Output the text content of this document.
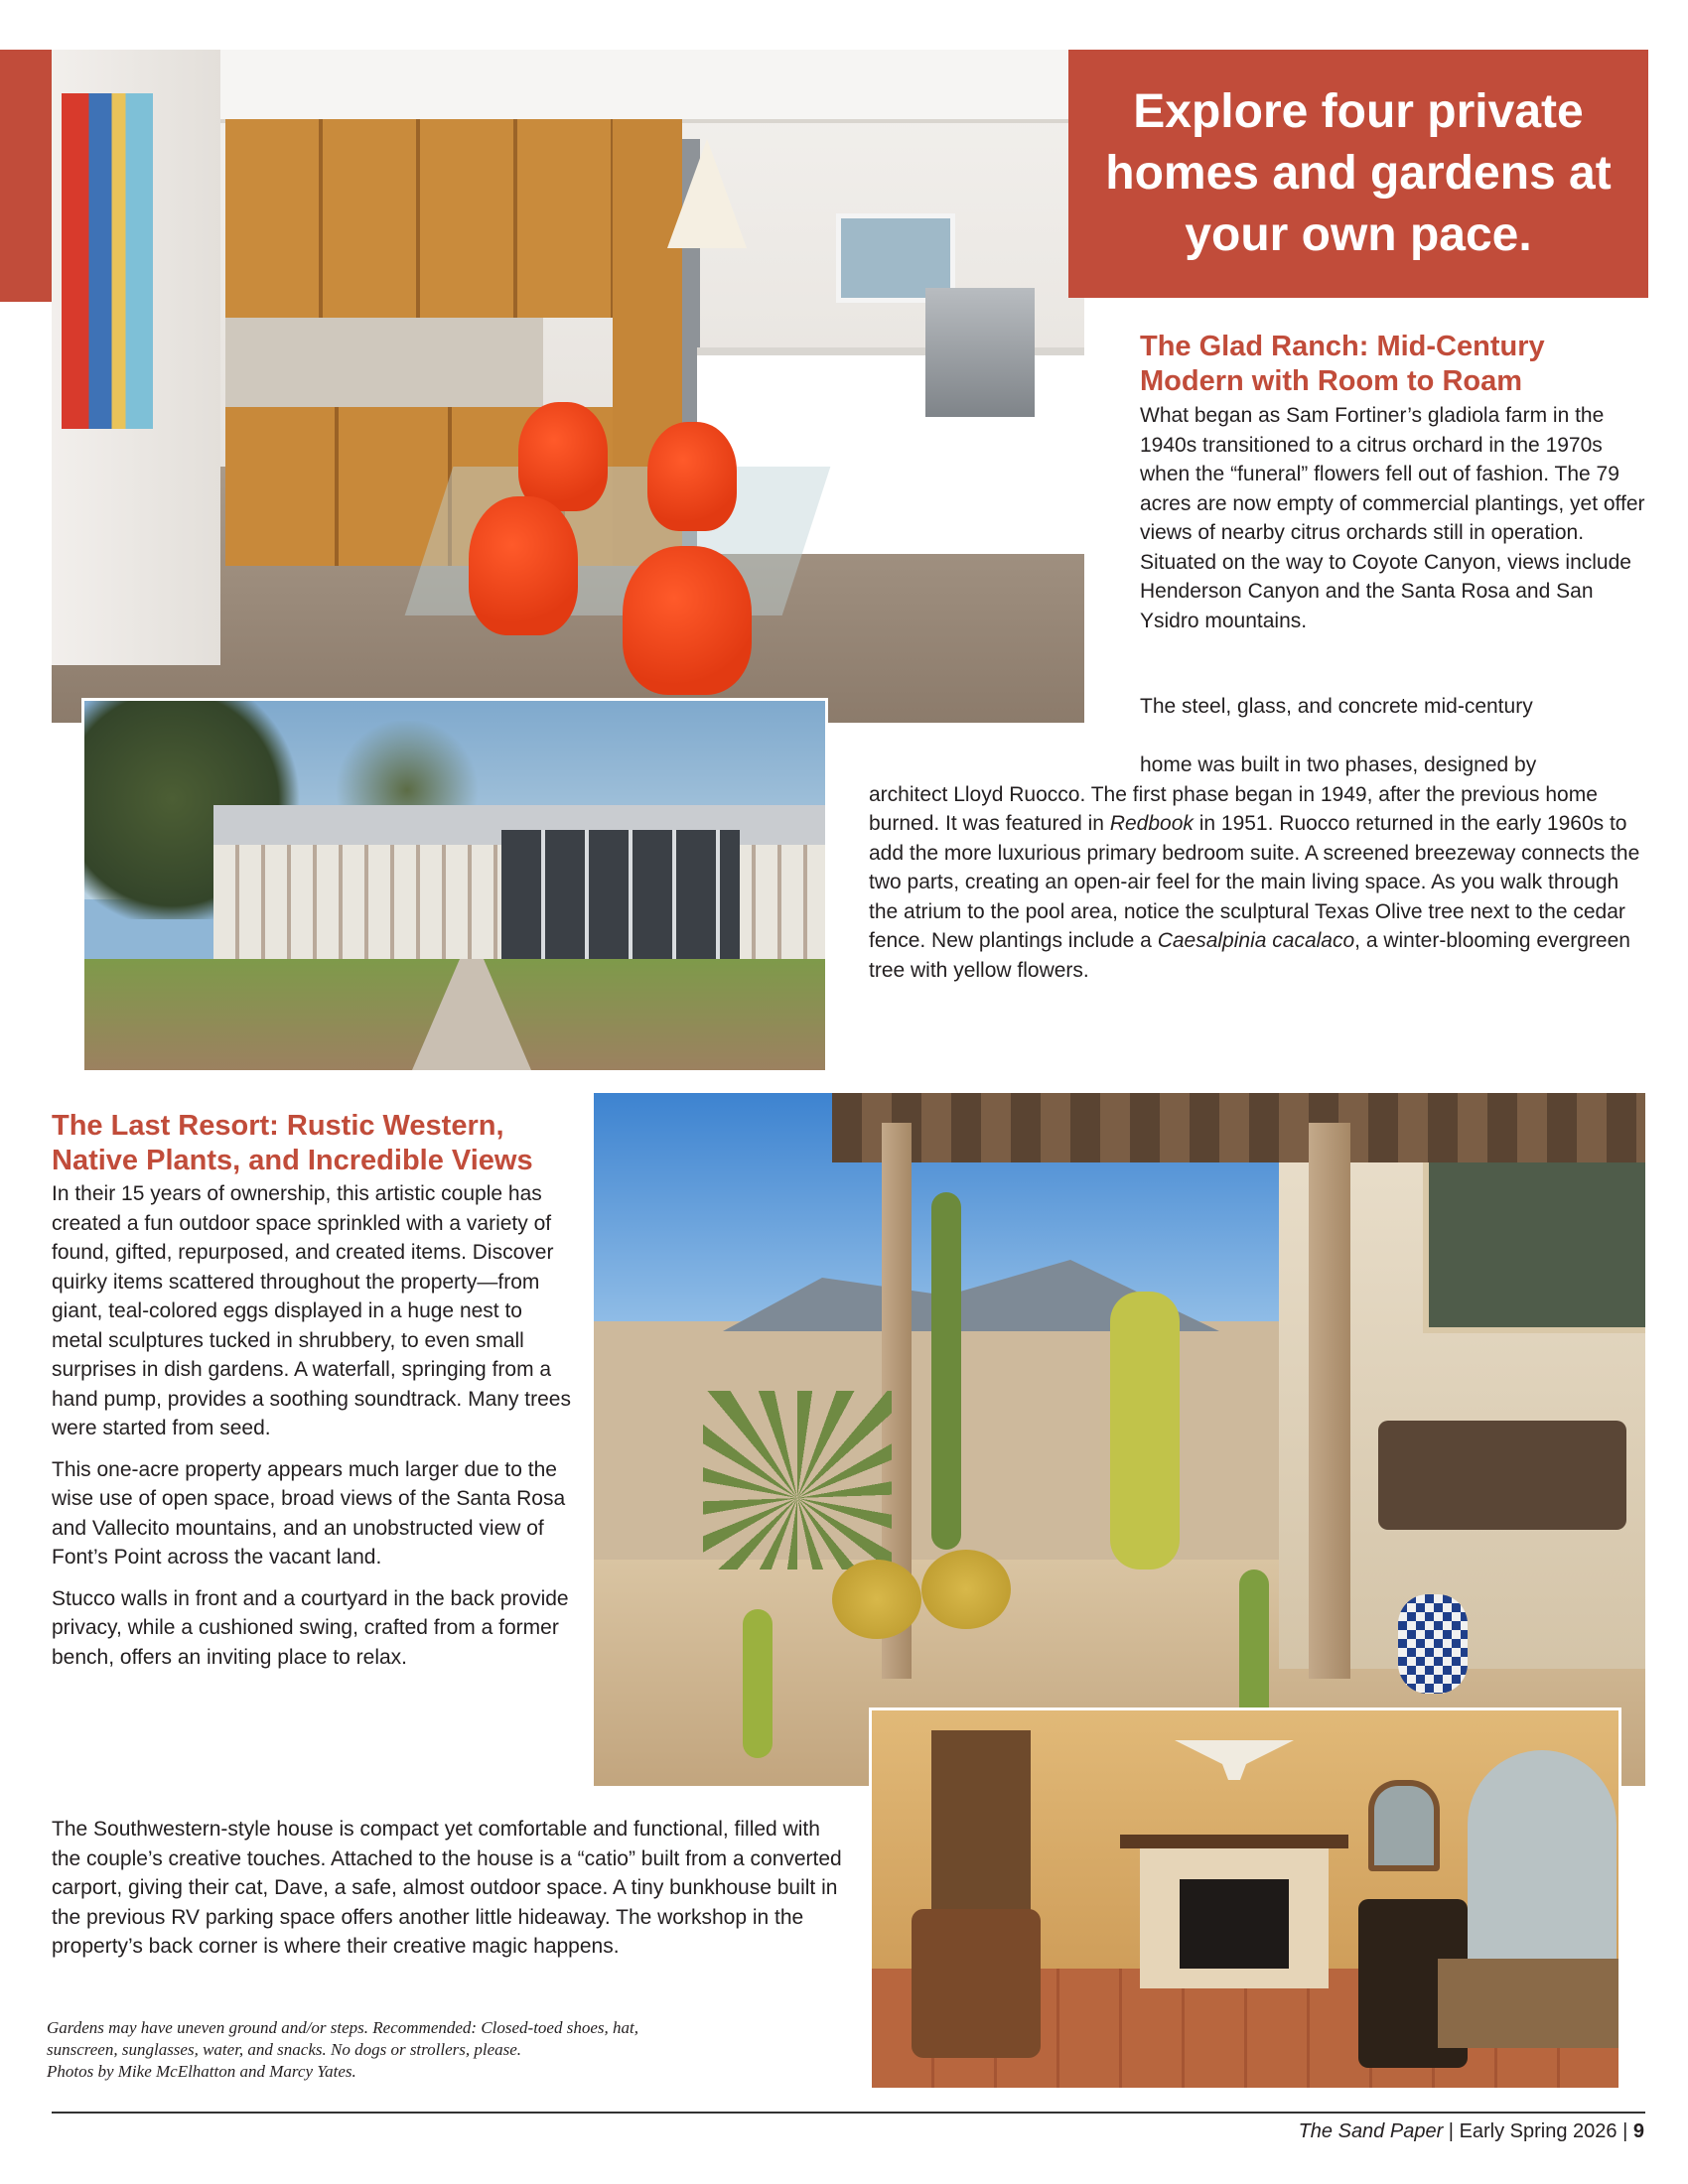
Explore four private homes and gardens at your own pace.
The Glad Ranch: Mid-Century
Modern with Room to Roam

What began as Sam Fortiner’s gladiola farm in the 1940s transitioned to a citrus orchard in the 1970s when the “funeral” flowers fell out of fashion. The 79 acres are now empty of commercial plantings, yet offer views of nearby citrus orchards still in operation. Situated on the way to Coyote Canyon, views include Henderson Canyon and the Santa Rosa and San Ysidro mountains.

The steel, glass, and concrete mid-century
home was built in two phases, designed by
architect Lloyd Ruocco. The first phase began in 1949, after the previous home burned. It was featured in Redbook in 1951. Ruocco returned in the early 1960s to add the more luxurious primary bedroom suite. A screened breezeway connects the two parts, creating an open-air feel for the main living space. As you walk through the atrium to the pool area, notice the sculptural Texas Olive tree next to the cedar fence. New plantings include a Caesalpinia cacalaco, a winter-blooming evergreen tree with yellow flowers.
The Last Resort: Rustic Western,
Native Plants, and Incredible Views

In their 15 years of ownership, this artistic couple has created a fun outdoor space sprinkled with a variety of found, gifted, repurposed, and created items. Discover quirky items scattered throughout the property—from giant, teal-colored eggs displayed in a huge nest to metal sculptures tucked in shrubbery, to even small surprises in dish gardens. A waterfall, springing from a hand pump, provides a soothing soundtrack. Many trees were started from seed.

This one-acre property appears much larger due to the wise use of open space, broad views of the Santa Rosa and Vallecito mountains, and an unobstructed view of Font’s Point across the vacant land.

Stucco walls in front and a courtyard in the back provide privacy, while a cushioned swing, crafted from a former bench, offers an inviting place to relax.

The Southwestern-style house is compact yet comfortable and functional, filled with the couple’s creative touches. Attached to the house is a “catio” built from a converted carport, giving their cat, Dave, a safe, almost outdoor space. A tiny bunkhouse built in the previous RV parking space offers another little hideaway. The workshop in the property’s back corner is where their creative magic happens.

Gardens may have uneven ground and/or steps. Recommended: Closed-toed shoes, hat,
sunscreen, sunglasses, water, and snacks. No dogs or strollers, please.
Photos by Mike McElhatton and Marcy Yates.
The Sand Paper | Early Spring 2026 | 9
